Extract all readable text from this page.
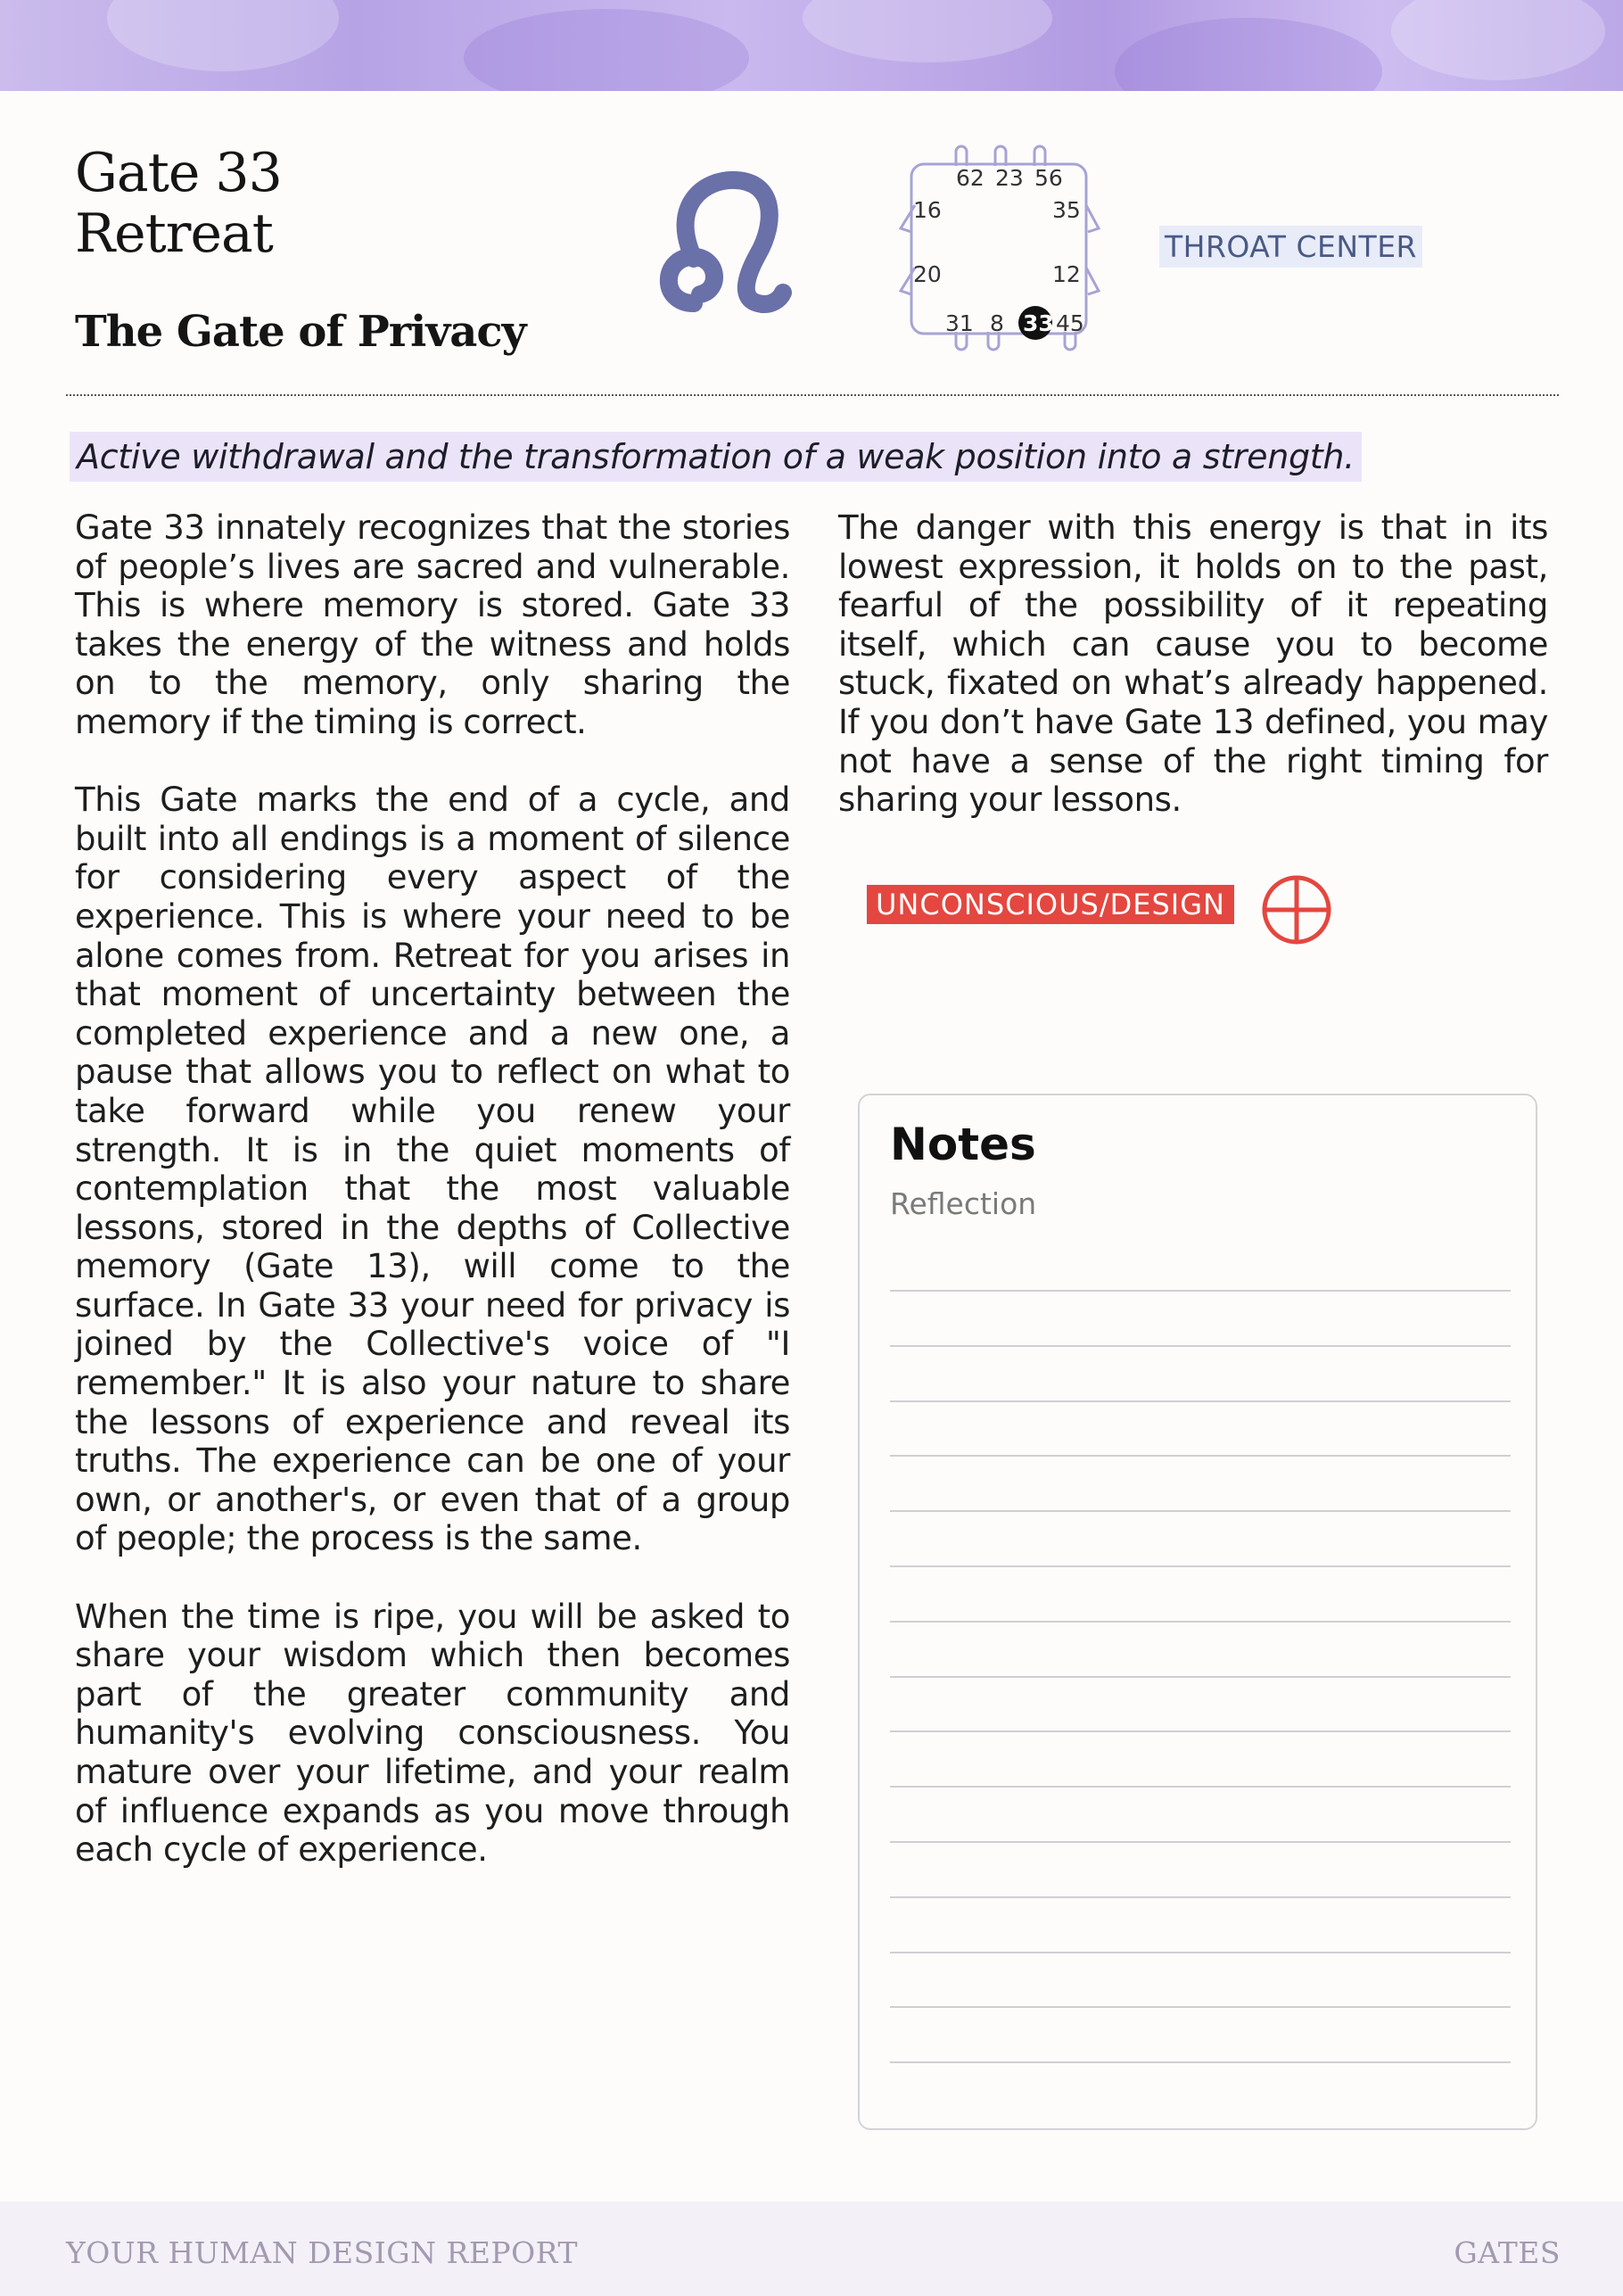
Gate 33
Retreat
The Gate of Privacy
62 23 56
16
20
35
12
31 8 33 45
THROAT CENTER
Active withdrawal and the transformation of a weak position into a strength.

Gate 33 innately recognizes that the stories of people’s lives are sacred and vulnerable. This is where memory is stored. Gate 33 takes the energy of the witness and holds on to the memory, only sharing the memory if the timing is correct.

This Gate marks the end of a cycle, and built into all endings is a moment of silence for considering every aspect of the experience. This is where your need to be alone comes from. Retreat for you arises in that moment of uncertainty between the completed experience and a new one, a pause that allows you to reflect on what to take forward while you renew your strength. It is in the quiet moments of contemplation that the most valuable lessons, stored in the depths of Collective memory (Gate 13), will come to the surface. In Gate 33 your need for privacy is joined by the Collective's voice of "I remember." It is also your nature to share the lessons of experience and reveal its truths. The experience can be one of your own, or another's, or even that of a group of people; the process is the same.

When the time is ripe, you will be asked to share your wisdom which then becomes part of the greater community and humanity's evolving consciousness. You mature over your lifetime, and your realm of influence expands as you move through each cycle of experience.

The danger with this energy is that in its lowest expression, it holds on to the past, fearful of the possibility of it repeating itself, which can cause you to become stuck, fixated on what’s already happened. If you don’t have Gate 13 defined, you may not have a sense of the right timing for sharing your lessons.

UNCONSCIOUS/DESIGN
Notes
Reflection
YOUR HUMAN DESIGN REPORT	GATES
